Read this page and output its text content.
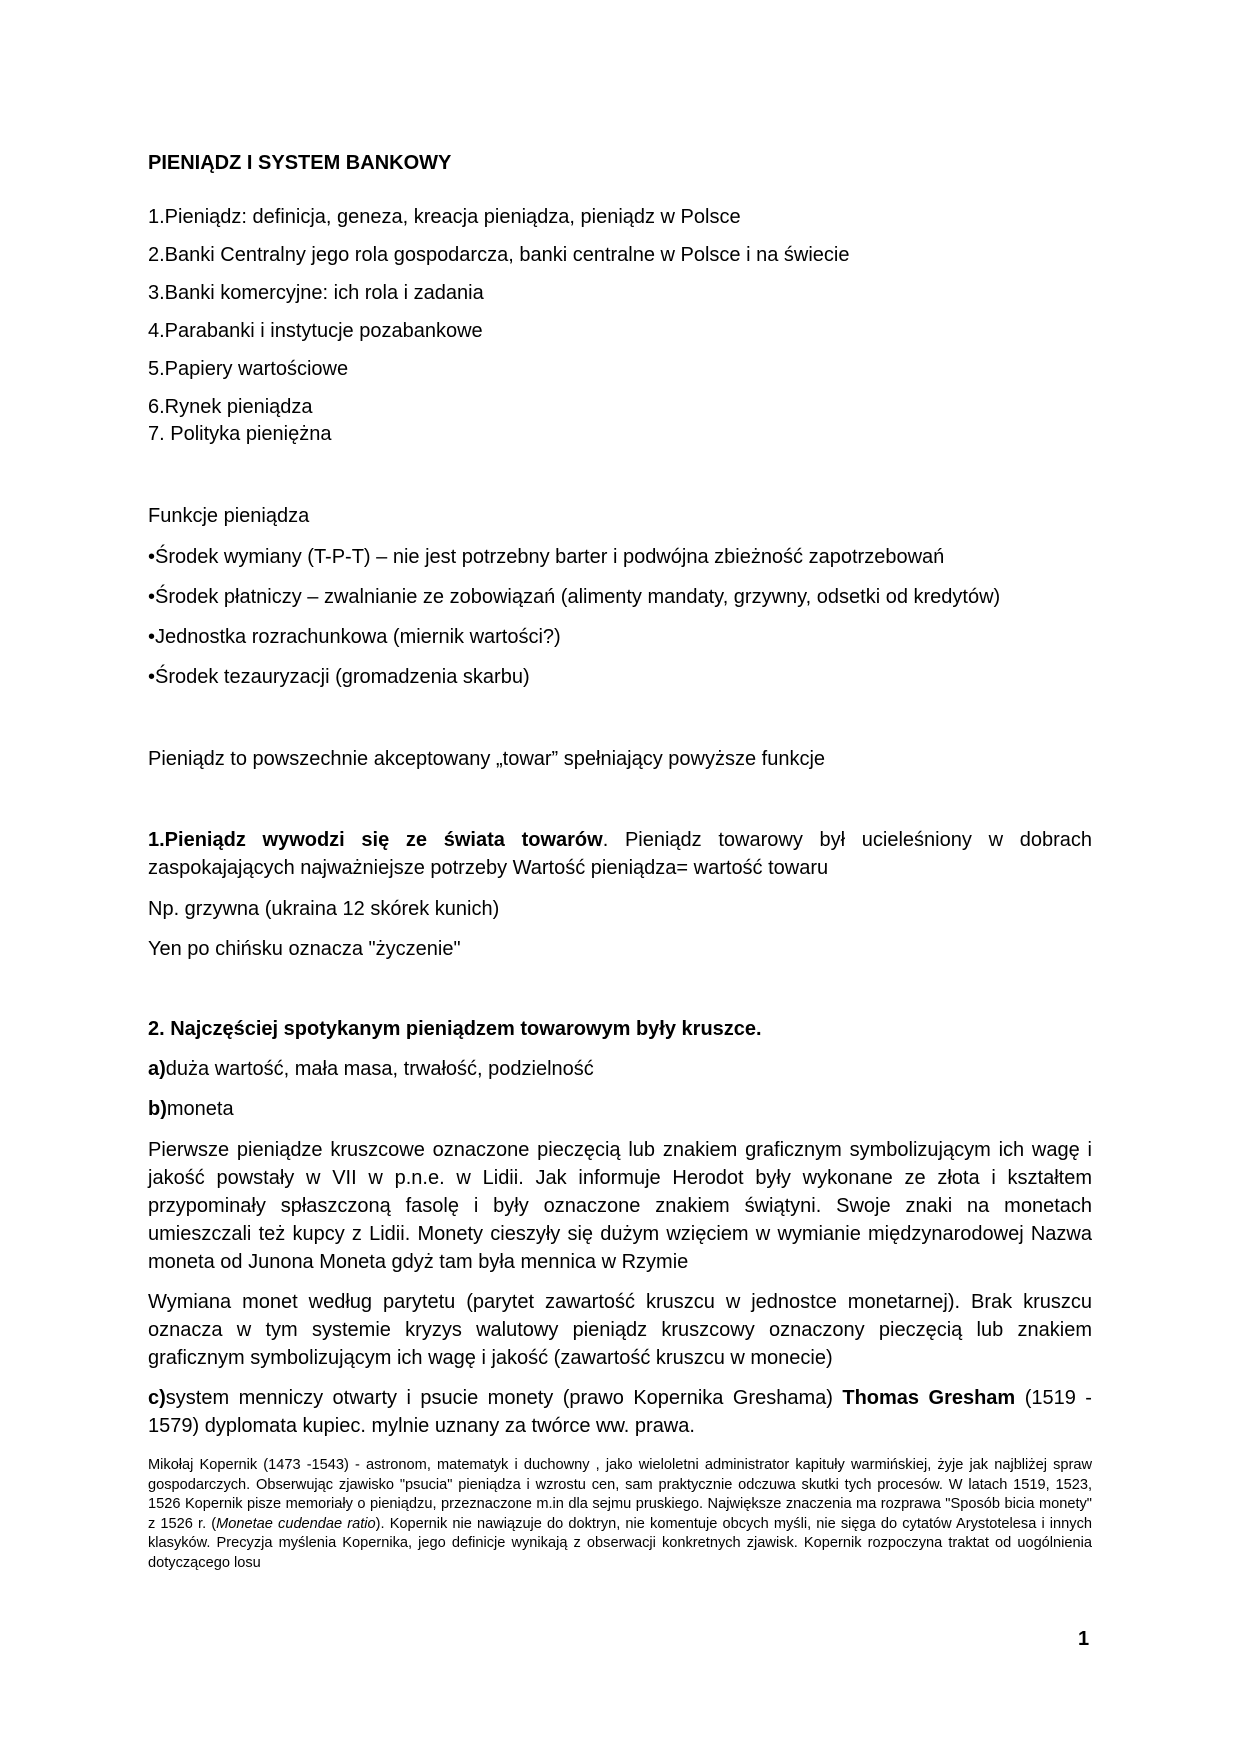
PIENIĄDZ I SYSTEM BANKOWY

1.Pieniądz: definicja, geneza, kreacja pieniądza, pieniądz w Polsce

2.Banki Centralny jego rola gospodarcza, banki centralne w Polsce i na świecie

3.Banki komercyjne: ich rola i zadania

4.Parabanki i instytucje pozabankowe

5.Papiery wartościowe

6.Rynek pieniądza

7. Polityka pieniężna

Funkcje pieniądza

•Środek wymiany (T-P-T) – nie jest potrzebny barter i podwójna zbieżność zapotrzebowań

•Środek płatniczy – zwalnianie ze zobowiązań (alimenty mandaty, grzywny, odsetki od kredytów)

•Jednostka rozrachunkowa (miernik wartości?)

•Środek tezauryzacji (gromadzenia skarbu)

Pieniądz to powszechnie akceptowany „towar” spełniający powyższe funkcje

1.Pieniądz wywodzi się ze świata towarów. Pieniądz towarowy był ucieleśniony w dobrach zaspokajających najważniejsze potrzeby Wartość pieniądza= wartość towaru

Np. grzywna (ukraina 12 skórek kunich)

Yen po chińsku oznacza "życzenie"

2. Najczęściej spotykanym pieniądzem towarowym były kruszce.

a)duża wartość, mała masa, trwałość, podzielność

b)moneta

Pierwsze pieniądze kruszcowe oznaczone pieczęcią lub znakiem graficznym symbolizującym ich wagę i jakość powstały w VII w p.n.e. w Lidii. Jak informuje Herodot były wykonane ze złota i kształtem przypominały spłaszczoną fasolę i były oznaczone znakiem świątyni. Swoje znaki na monetach umieszczali też kupcy z Lidii. Monety cieszyły się dużym wzięciem w wymianie międzynarodowej Nazwa moneta od Junona Moneta gdyż tam była mennica w Rzymie

Wymiana monet według parytetu (parytet zawartość kruszcu w jednostce monetarnej). Brak kruszcu oznacza w tym systemie kryzys walutowy pieniądz kruszcowy oznaczony pieczęcią lub znakiem graficznym symbolizującym ich wagę i jakość (zawartość kruszcu w monecie)

c)system menniczy otwarty i psucie monety (prawo Kopernika Greshama) Thomas Gresham (1519 - 1579) dyplomata kupiec. mylnie uznany za twórce ww. prawa.

Mikołaj Kopernik (1473 -1543) - astronom, matematyk i duchowny , jako wieloletni administrator kapituły warmińskiej, żyje jak najbliżej spraw gospodarczych. Obserwując zjawisko "psucia" pieniądza i wzrostu cen, sam praktycznie odczuwa skutki tych procesów. W latach 1519, 1523, 1526 Kopernik pisze memoriały o pieniądzu, przeznaczone m.in dla sejmu pruskiego. Największe znaczenia ma rozprawa "Sposób bicia monety" z 1526 r. (Monetae cudendae ratio). Kopernik nie nawiązuje do doktryn, nie komentuje obcych myśli, nie sięga do cytatów Arystotelesa i innych klasyków. Precyzja myślenia Kopernika, jego definicje wynikają z obserwacji konkretnych zjawisk. Kopernik rozpoczyna traktat od uogólnienia dotyczącego losu

1
